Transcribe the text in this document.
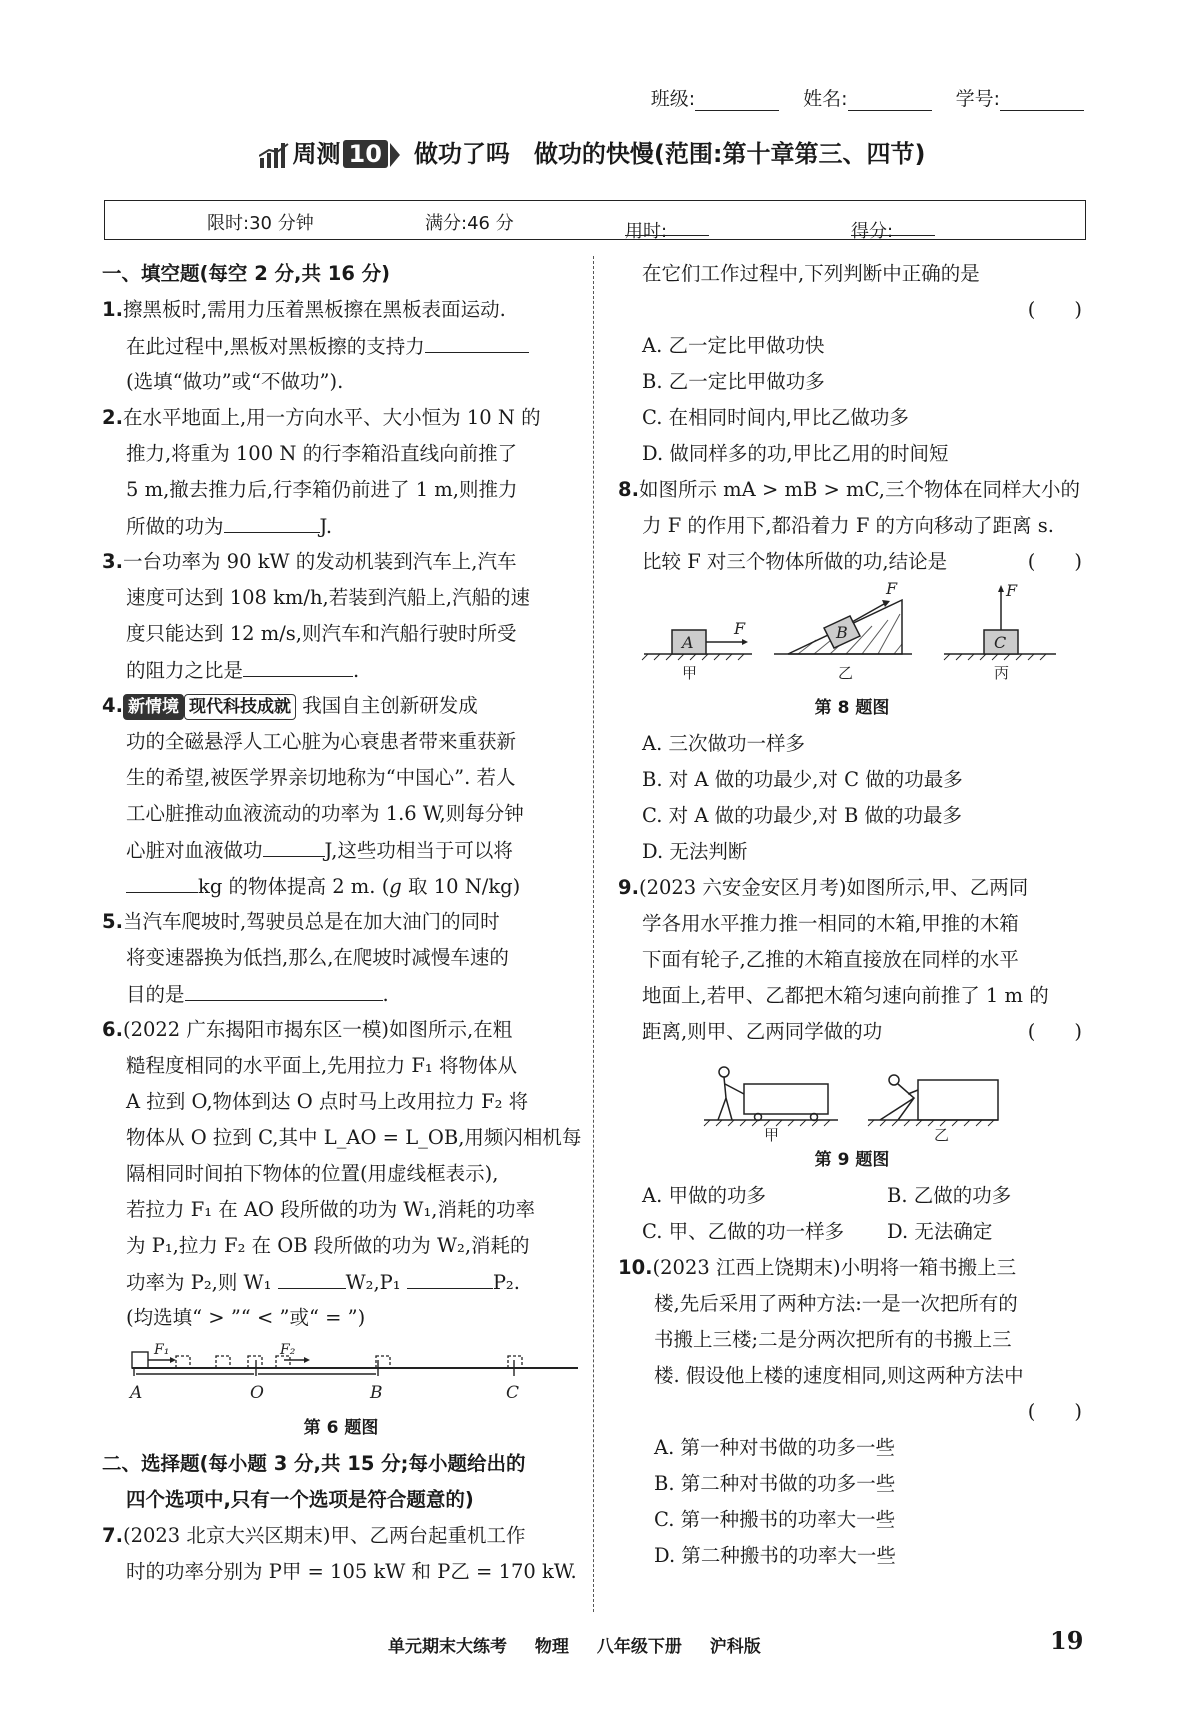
班级:	姓名:	学号:
周测 10 做功了吗　做功的快慢(范围:第十章第三、四节)
限时:30 分钟	满分:46 分	用时:	得分:
一、填空题(每空 2 分,共 16 分)
1.擦黑板时,需用力压着黑板擦在黑板表面运动.
在此过程中,黑板对黑板擦的支持力
(选填“做功”或“不做功”).
2.在水平地面上,用一方向水平、大小恒为 10 N 的
推力,将重为 100 N 的行李箱沿直线向前推了
5 m,撤去推力后,行李箱仍前进了 1 m,则推力
所做的功为	J.
3.一台功率为 90 kW 的发动机装到汽车上,汽车
速度可达到 108 km/h,若装到汽船上,汽船的速
度只能达到 12 m/s,则汽车和汽船行驶时所受
的阻力之比是	.
4. 新情境 现代科技成就 我国自主创新研发成
功的全磁悬浮人工心脏为心衰患者带来重获新
生的希望,被医学界亲切地称为“中国心”. 若人
工心脏推动血液流动的功率为 1.6 W,则每分钟
心脏对血液做功	J,这些功相当于可以将
kg 的物体提高 2 m. (g 取 10 N/kg)
5.当汽车爬坡时,驾驶员总是在加大油门的同时
将变速器换为低挡,那么,在爬坡时减慢车速的
目的是	.
6.(2022 广东揭阳市揭东区一模)如图所示,在粗
糙程度相同的水平面上,先用拉力 F₁ 将物体从
A 拉到 O,物体到达 O 点时马上改用拉力 F₂ 将
物体从 O 拉到 C,其中 L_AO = L_OB,用频闪相机每
隔相同时间拍下物体的位置(用虚线框表示),
若拉力 F₁ 在 AO 段所做的功为 W₁,消耗的功率
为 P₁,拉力 F₂ 在 OB 段所做的功为 W₂,消耗的
功率为 P₂,则 W₁	W₂,P₁	P₂.
(均选填“ > ”“ < ”或“ = ”)
A	O	B	C
F₁	F₂
第 6 题图
二、选择题(每小题 3 分,共 15 分;每小题给出的
四个选项中,只有一个选项是符合题意的)
7.(2023 北京大兴区期末)甲、乙两台起重机工作
时的功率分别为 P甲 = 105 kW 和 P乙 = 170 kW.
在它们工作过程中,下列判断中正确的是
(　　)
A. 乙一定比甲做功快
B. 乙一定比甲做功多
C. 在相同时间内,甲比乙做功多
D. 做同样多的功,甲比乙用的时间短
8.如图所示 mA > mB > mC,三个物体在同样大小的
力 F 的作用下,都沿着力 F 的方向移动了距离 s.
比较 F 对三个物体所做的功,结论是	(　　)
A
B
C
F
F	F
甲	乙	丙
第 8 题图
A. 三次做功一样多
B. 对 A 做的功最少,对 C 做的功最多
C. 对 A 做的功最少,对 B 做的功最多
D. 无法判断
9.(2023 六安金安区月考)如图所示,甲、乙两同
学各用水平推力推一相同的木箱,甲推的木箱
下面有轮子,乙推的木箱直接放在同样的水平
地面上,若甲、乙都把木箱匀速向前推了 1 m 的
距离,则甲、乙两同学做的功	(　　)
甲	乙
第 9 题图
A. 甲做的功多	B. 乙做的功多
C. 甲、乙做的功一样多 D. 无法确定
10.(2023 江西上饶期末)小明将一箱书搬上三
楼,先后采用了两种方法:一是一次把所有的
书搬上三楼;二是分两次把所有的书搬上三
楼. 假设他上楼的速度相同,则这两种方法中
(　　)
A. 第一种对书做的功多一些
B. 第二种对书做的功多一些
C. 第一种搬书的功率大一些
D. 第二种搬书的功率大一些
单元期末大练考 物理 八年级下册 沪科版	19
